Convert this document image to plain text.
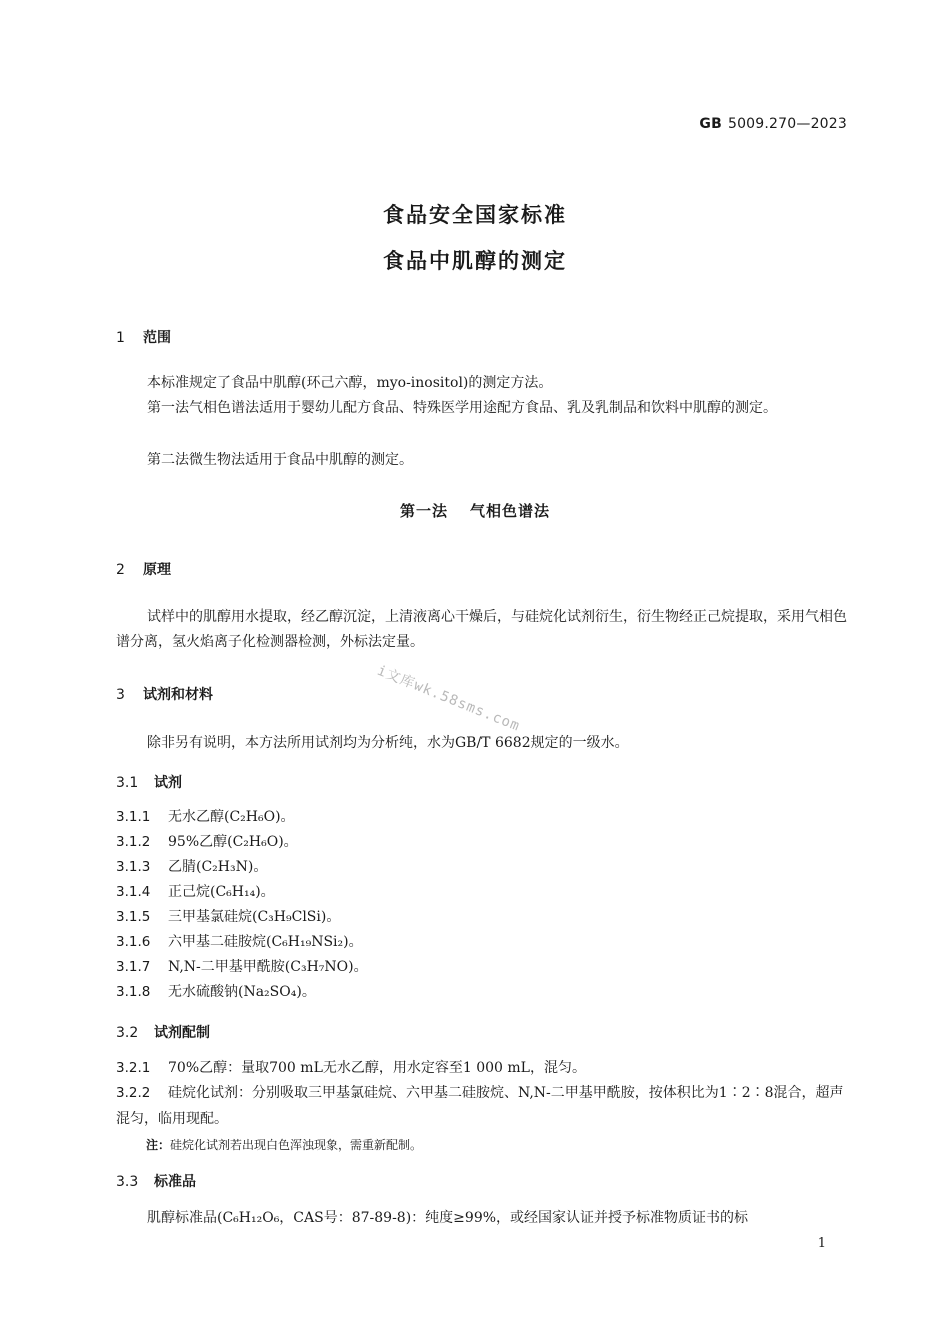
GB 5009.270—2023
食品安全国家标准
食品中肌醇的测定
1 范围
本标准规定了食品中肌醇(环己六醇，myo-inositol)的测定方法。
第一法气相色谱法适用于婴幼儿配方食品、特殊医学用途配方食品、乳及乳制品和饮料中肌醇的测定。
第二法微生物法适用于食品中肌醇的测定。
第一法 气相色谱法
2 原理
试样中的肌醇用水提取，经乙醇沉淀，上清液离心干燥后，与硅烷化试剂衍生，衍生物经正己烷提取，采用气相色谱分离，氢火焰离子化检测器检测，外标法定量。
i文库wk.58sms.com
3 试剂和材料
除非另有说明，本方法所用试剂均为分析纯，水为GB/T 6682规定的一级水。
3.1 试剂
3.1.1 无水乙醇(C₂H₆O)。
3.1.2 95%乙醇(C₂H₆O)。
3.1.3 乙腈(C₂H₃N)。
3.1.4 正己烷(C₆H₁₄)。
3.1.5 三甲基氯硅烷(C₃H₉ClSi)。
3.1.6 六甲基二硅胺烷(C₆H₁₉NSi₂)。
3.1.7 N,N-二甲基甲酰胺(C₃H₇NO)。
3.1.8 无水硫酸钠(Na₂SO₄)。
3.2 试剂配制
3.2.1 70%乙醇：量取700 mL无水乙醇，用水定容至1 000 mL，混匀。
3.2.2 硅烷化试剂：分别吸取三甲基氯硅烷、六甲基二硅胺烷、N,N-二甲基甲酰胺，按体积比为1∶2∶8混合，超声混匀，临用现配。
注：硅烷化试剂若出现白色浑浊现象，需重新配制。
3.3 标准品
肌醇标准品(C₆H₁₂O₆，CAS号：87-89-8)：纯度≥99%，或经国家认证并授予标准物质证书的标
1
